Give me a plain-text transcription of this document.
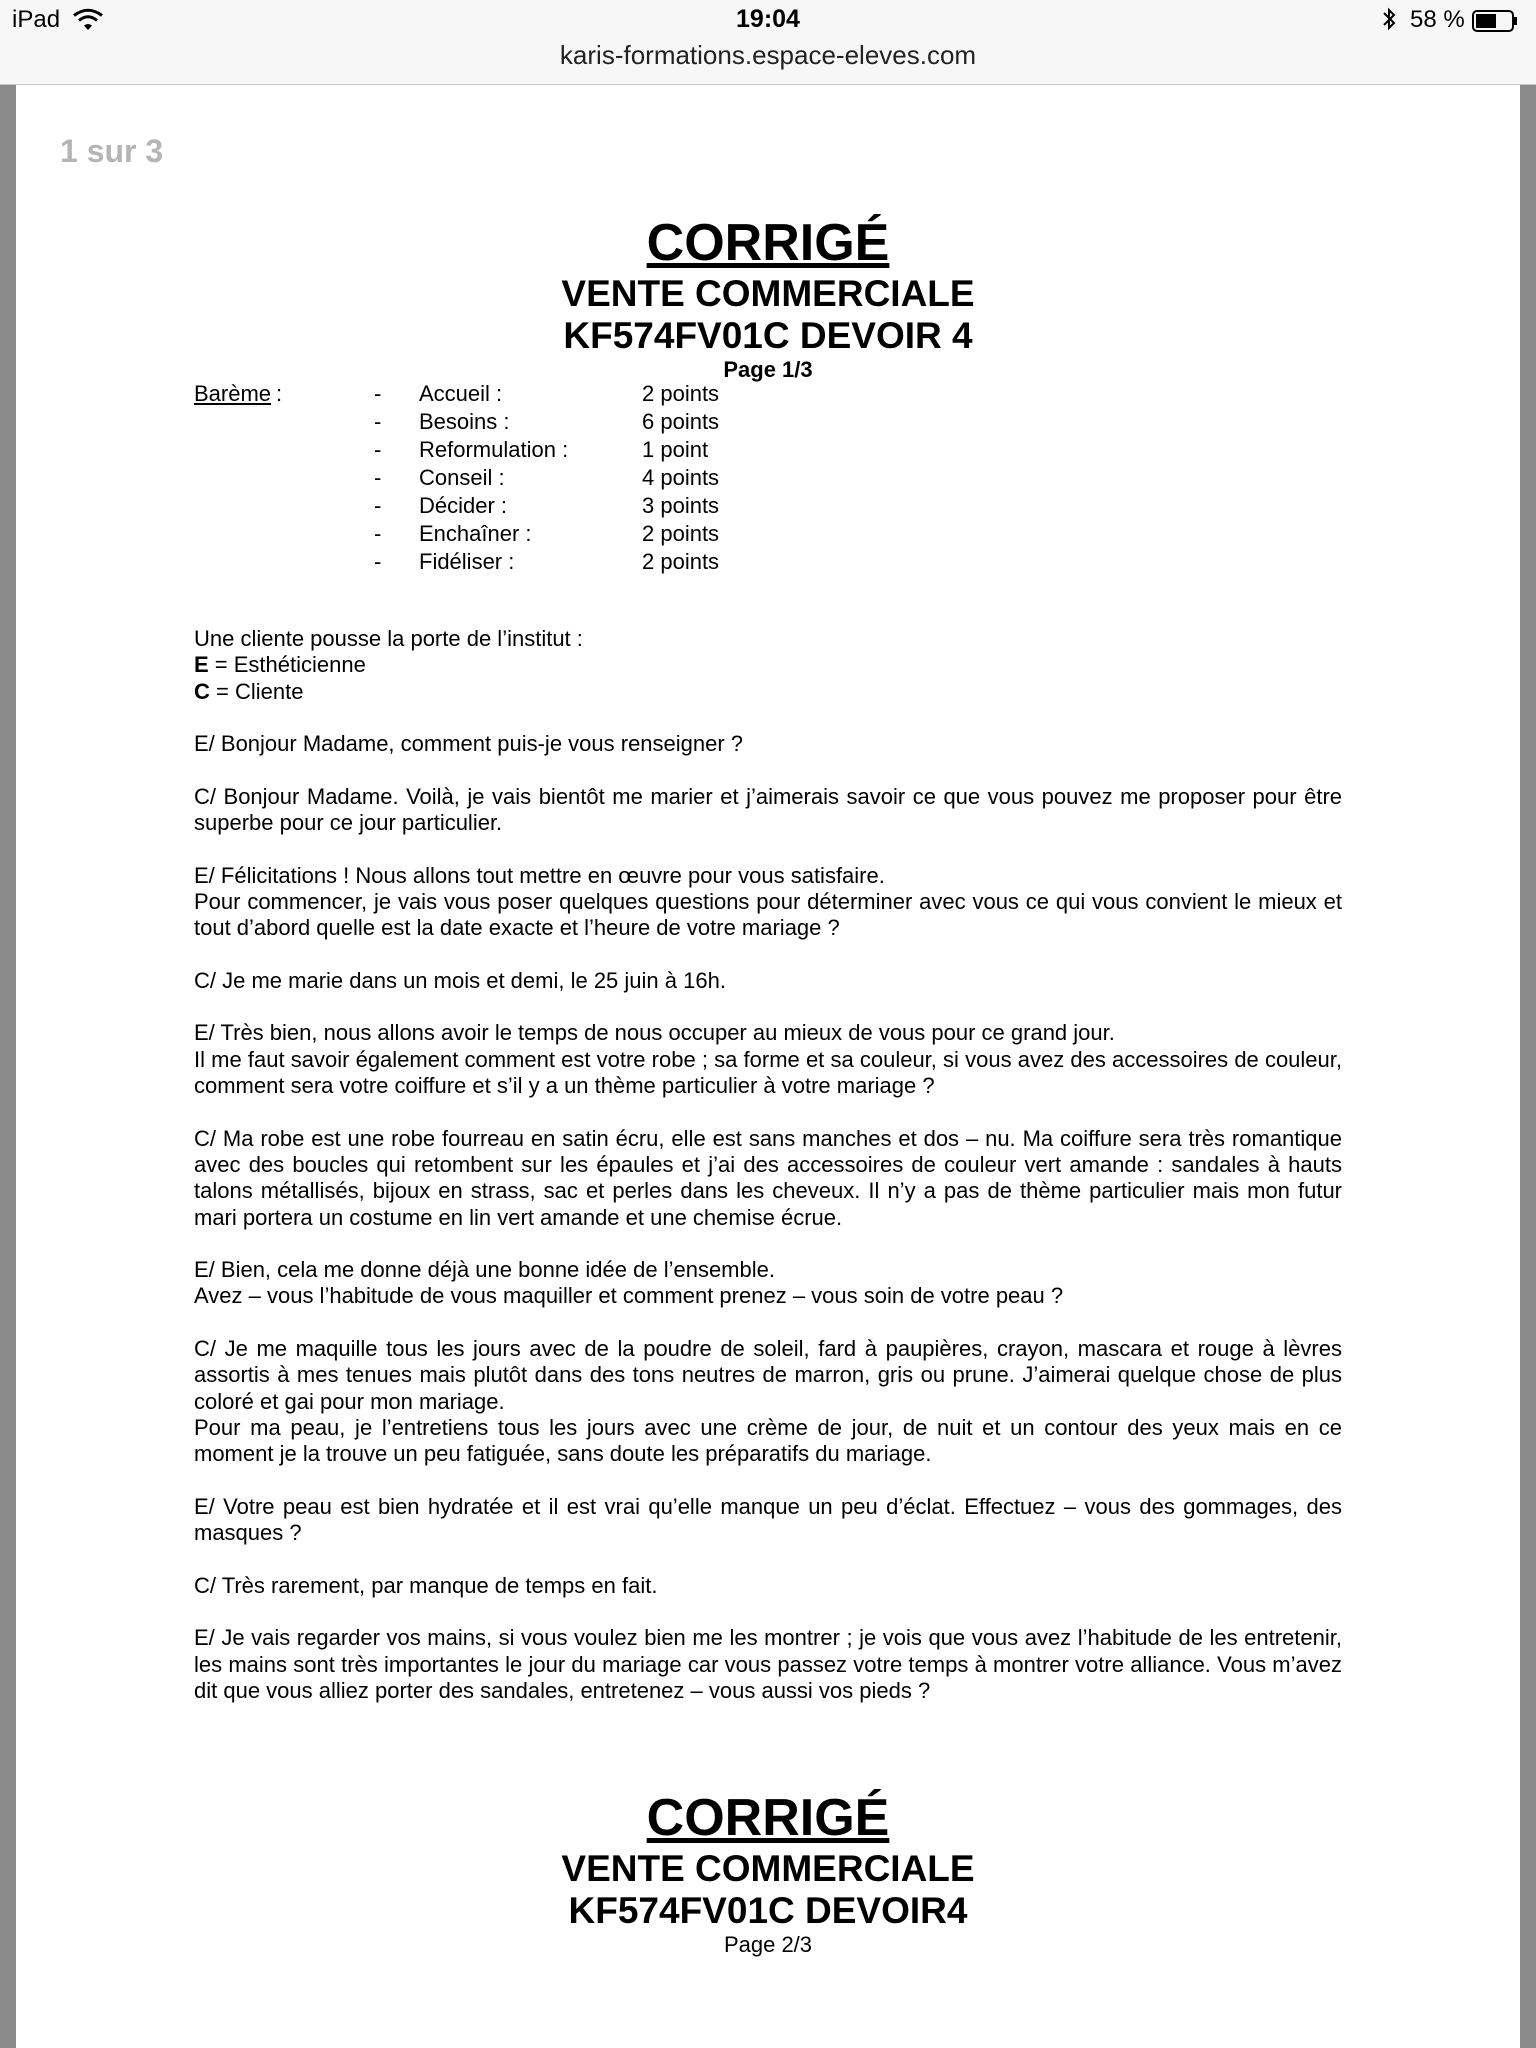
iPad	19:04	58 %
karis-formations.espace-eleves.com
1 sur 3
CORRIGÉ
VENTE COMMERCIALE
KF574FV01C DEVOIR 4
Page 1/3
Barème :	- Accueil :	2 points
- Besoins :	6 points
- Reformulation :	1 point
- Conseil :	4 points
- Décider :	3 points
- Enchaîner :	2 points
- Fidéliser :	2 points

Une cliente pousse la porte de l’institut :

E = Esthéticienne

C = Cliente

E/ Bonjour Madame, comment puis-je vous renseigner ?

C/ Bonjour Madame. Voilà, je vais bientôt me marier et j’aimerais savoir ce que vous pouvez me proposer pour être superbe pour ce jour particulier.

E/ Félicitations ! Nous allons tout mettre en œuvre pour vous satisfaire.

Pour commencer, je vais vous poser quelques questions pour déterminer avec vous ce qui vous convient le mieux et tout d’abord quelle est la date exacte et l’heure de votre mariage ?

C/ Je me marie dans un mois et demi, le 25 juin à 16h.

E/ Très bien, nous allons avoir le temps de nous occuper au mieux de vous pour ce grand jour.

Il me faut savoir également comment est votre robe ; sa forme et sa couleur, si vous avez des accessoires de couleur, comment sera votre coiffure et s’il y a un thème particulier à votre mariage ?

C/ Ma robe est une robe fourreau en satin écru, elle est sans manches et dos – nu. Ma coiffure sera très romantique avec des boucles qui retombent sur les épaules et j’ai des accessoires de couleur vert amande : sandales à hauts talons métallisés, bijoux en strass, sac et perles dans les cheveux. Il n’y a pas de thème particulier mais mon futur mari portera un costume en lin vert amande et une chemise écrue.

E/ Bien, cela me donne déjà une bonne idée de l’ensemble.

Avez – vous l’habitude de vous maquiller et comment prenez – vous soin de votre peau ?

C/ Je me maquille tous les jours avec de la poudre de soleil, fard à paupières, crayon, mascara et rouge à lèvres assortis à mes tenues mais plutôt dans des tons neutres de marron, gris ou prune. J’aimerai quelque chose de plus coloré et gai pour mon mariage.

Pour ma peau, je l’entretiens tous les jours avec une crème de jour, de nuit et un contour des yeux mais en ce moment je la trouve un peu fatiguée, sans doute les préparatifs du mariage.

E/ Votre peau est bien hydratée et il est vrai qu’elle manque un peu d’éclat. Effectuez – vous des gommages, des masques ?

C/ Très rarement, par manque de temps en fait.

E/ Je vais regarder vos mains, si vous voulez bien me les montrer ; je vois que vous avez l’habitude de les entretenir, les mains sont très importantes le jour du mariage car vous passez votre temps à montrer votre alliance. Vous m’avez dit que vous alliez porter des sandales, entretenez – vous aussi vos pieds ?

CORRIGÉ
VENTE COMMERCIALE
KF574FV01C DEVOIR4
Page 2/3
